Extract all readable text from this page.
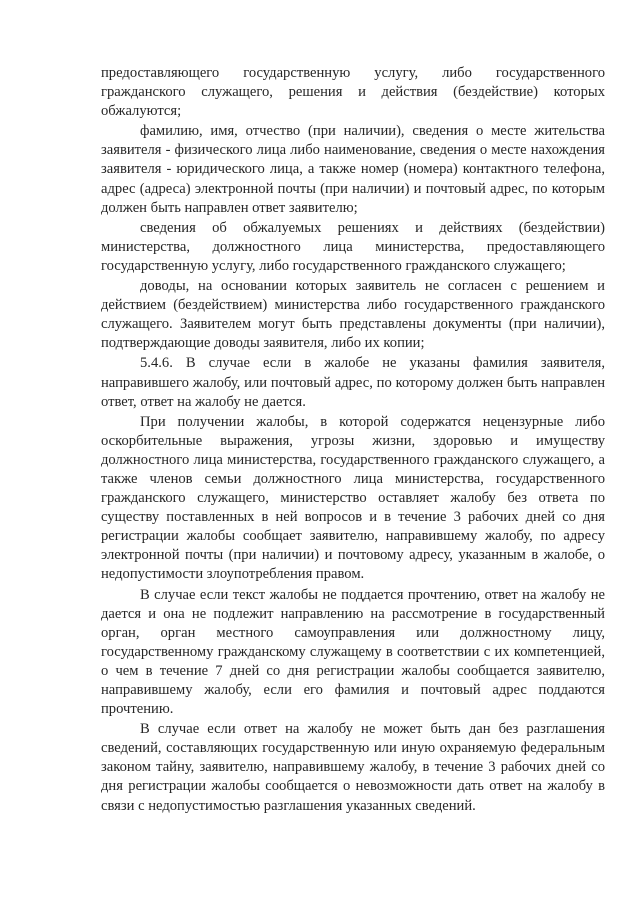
предоставляющего государственную услугу, либо государственного гражданского служащего, решения и действия (бездействие) которых обжалуются;

фамилию, имя, отчество (при наличии), сведения о месте жительства заявителя - физического лица либо наименование, сведения о месте нахождения заявителя - юридического лица, а также номер (номера) контактного телефона, адрес (адреса) электронной почты (при наличии) и почтовый адрес, по которым должен быть направлен ответ заявителю;

сведения об обжалуемых решениях и действиях (бездействии) министерства, должностного лица министерства, предоставляющего государственную услугу, либо государственного гражданского служащего;

доводы, на основании которых заявитель не согласен с решением и действием (бездействием) министерства либо государственного гражданского служащего. Заявителем могут быть представлены документы (при наличии), подтверждающие доводы заявителя, либо их копии;

5.4.6. В случае если в жалобе не указаны фамилия заявителя, направившего жалобу, или почтовый адрес, по которому должен быть направлен ответ, ответ на жалобу не дается.

При получении жалобы, в которой содержатся нецензурные либо оскорбительные выражения, угрозы жизни, здоровью и имуществу должностного лица министерства, государственного гражданского служащего, а также членов семьи должностного лица министерства, государственного гражданского служащего, министерство оставляет жалобу без ответа по существу поставленных в ней вопросов и в течение 3 рабочих дней со дня регистрации жалобы сообщает заявителю, направившему жалобу, по адресу электронной почты (при наличии) и почтовому адресу, указанным в жалобе, о недопустимости злоупотребления правом.

В случае если текст жалобы не поддается прочтению, ответ на жалобу не дается и она не подлежит направлению на рассмотрение в государственный орган, орган местного самоуправления или должностному лицу, государственному гражданскому служащему в соответствии с их компетенцией, о чем в течение 7 дней со дня регистрации жалобы сообщается заявителю, направившему жалобу, если его фамилия и почтовый адрес поддаются прочтению.

В случае если ответ на жалобу не может быть дан без разглашения сведений, составляющих государственную или иную охраняемую федеральным законом тайну, заявителю, направившему жалобу, в течение 3 рабочих дней со дня регистрации жалобы сообщается о невозможности дать ответ на жалобу в связи с недопустимостью разглашения указанных сведений.
